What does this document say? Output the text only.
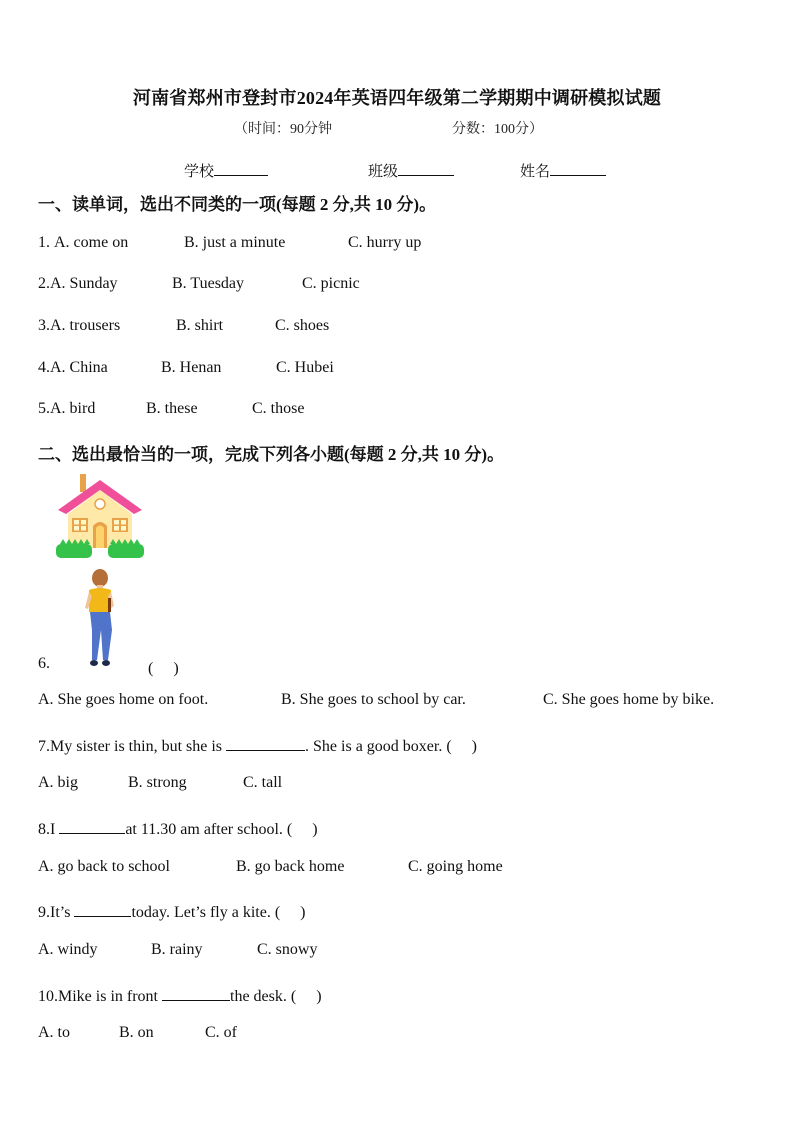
河南省郑州市登封市2024年英语四年级第二学期期中调研模拟试题
（时间：90分钟	分数：100分）
学校	班级	姓名
一、读单词，选出不同类的一项(每题 2 分,共 10 分)。
1. A. come on	B. just a minute	C. hurry up
2.A. Sunday	B. Tuesday	C. picnic
3.A. trousers	B. shirt	C. shoes
4.A. China	B. Henan	C. Hubei
5.A. bird	B. these	C. those
二、选出最恰当的一项，完成下列各小题(每题 2 分,共 10 分)。
6.	(　 )
A. She goes home on foot.	B. She goes to school by car.	C. She goes home by bike.
7.My sister is thin, but she is	. She is a good boxer. (　 )
A. big	B. strong	C. tall
8.I	at 11.30 am after school. (　 )
A. go back to school	B. go back home	C. going home
9.It’s	today. Let’s fly a kite. (　 )
A. windy	B. rainy	C. snowy
10.Mike is in front	the desk. (　 )
A. to	B. on	C. of
